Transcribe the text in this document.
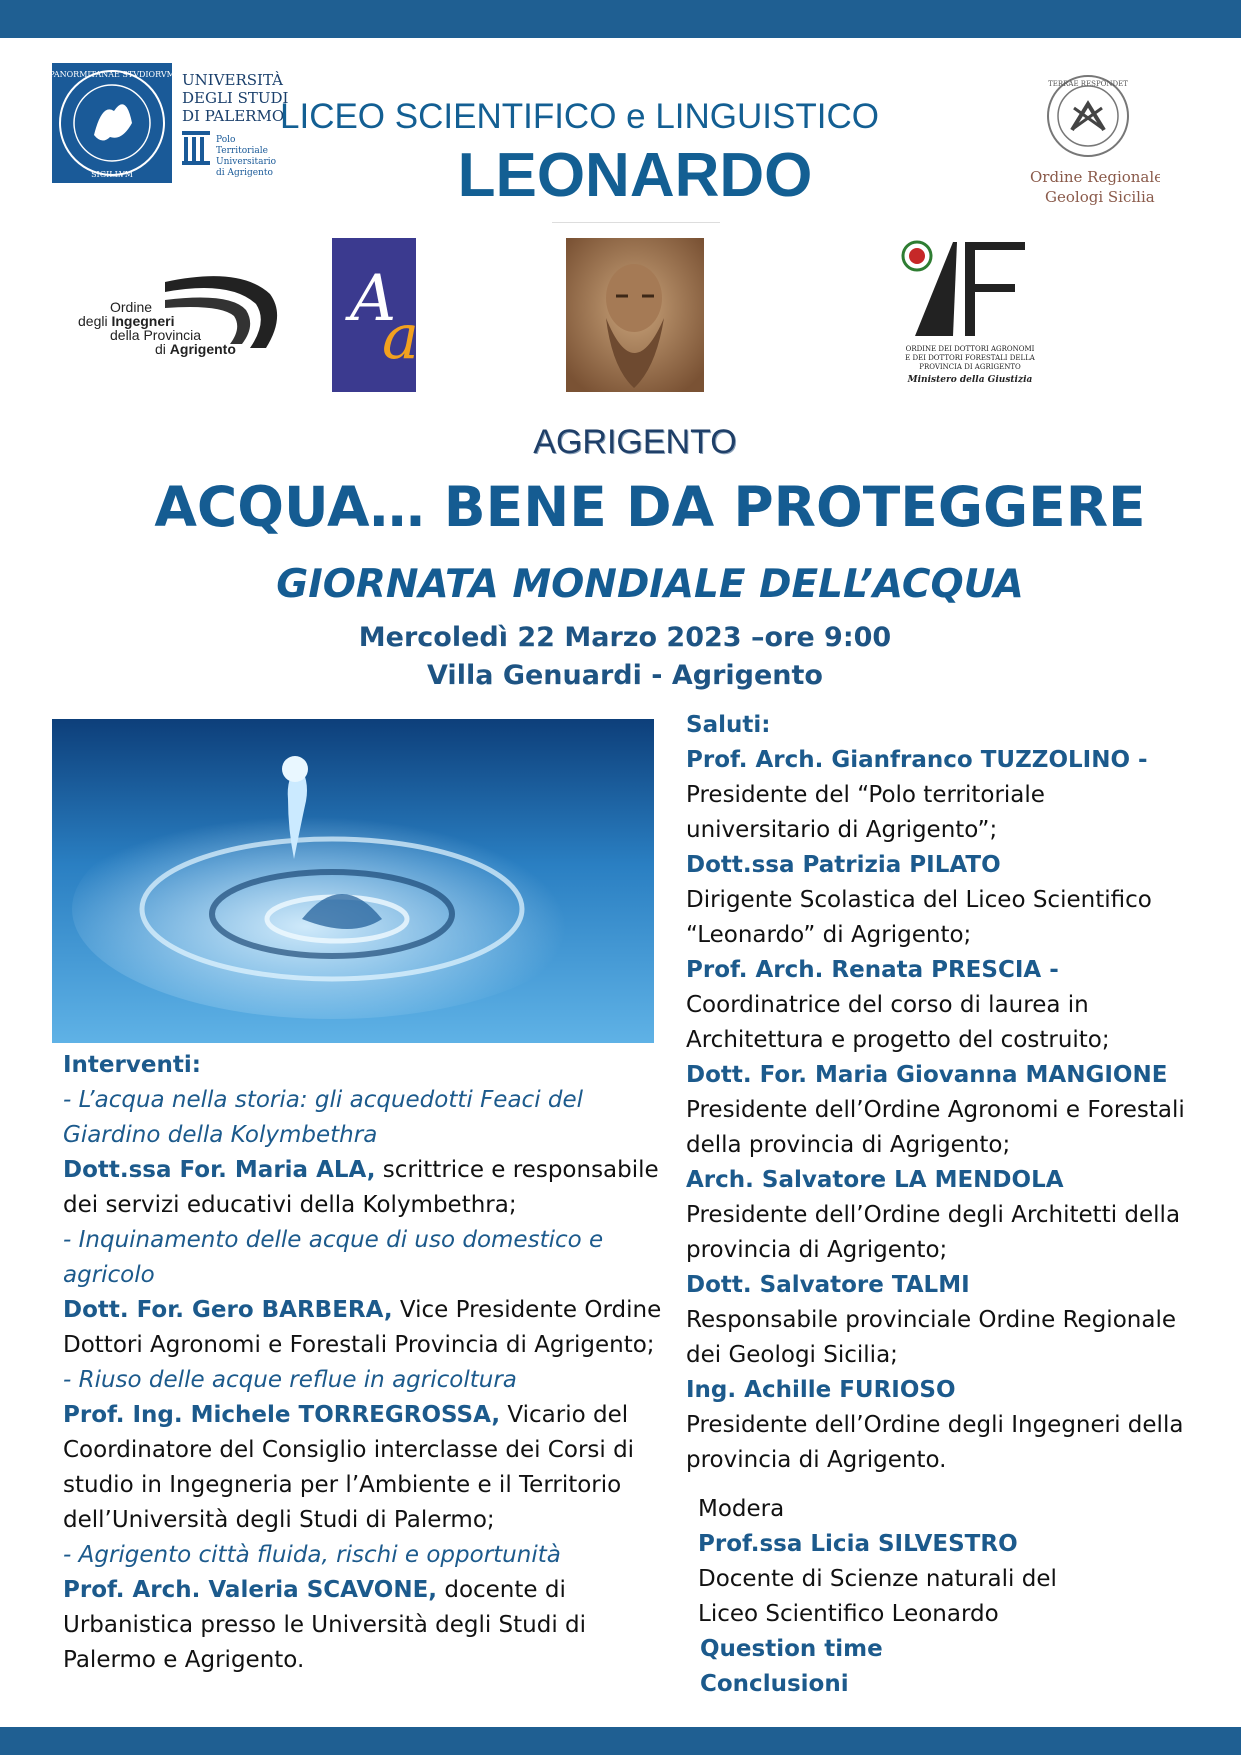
PANORMITANAE STVDIORVM
SIGILLVM
UNIVERSITÀ
DEGLI STUDI
DI PALERMO
Polo
Territoriale
Universitario
di Agrigento
LICEO SCIENTIFICO e LINGUISTICO
LEONARDO
TERRAE RESPONDET
Ordine Regionale
Geologi Sicilia
Ordine
degli Ingegneri
della Provincia
di Agrigento
A
a	ORDINE DEI DOTTORI AGRONOMI
E DEI DOTTORI FORESTALI DELLA
PROVINCIA DI AGRIGENTO
Ministero della Giustizia
AGRIGENTO
ACQUA… BENE DA PROTEGGERE
GIORNATA MONDIALE DELL’ACQUA
Mercoledì 22 Marzo 2023 –ore 9:00
Villa Genuardi - Agrigento
Interventi:
- L’acqua nella storia: gli acquedotti Feaci del Giardino della Kolymbethra
Dott.ssa For. Maria ALA, scrittrice e responsabile dei servizi educativi della Kolymbethra;
- Inquinamento delle acque di uso domestico e agricolo
Dott. For. Gero BARBERA, Vice Presidente Ordine Dottori Agronomi e Forestali Provincia di Agrigento;
- Riuso delle acque reflue in agricoltura
Prof. Ing. Michele TORREGROSSA, Vicario del Coordinatore del Consiglio interclasse dei Corsi di studio in Ingegneria per l’Ambiente e il Territorio dell’Università degli Studi di Palermo;
- Agrigento città fluida, rischi e opportunità
Prof. Arch. Valeria SCAVONE, docente di Urbanistica presso le Università degli Studi di Palermo e Agrigento.
Saluti:
Prof. Arch. Gianfranco TUZZOLINO -
Presidente del “Polo territoriale universitario di Agrigento”;
Dott.ssa Patrizia PILATO
Dirigente Scolastica del Liceo Scientifico “Leonardo” di Agrigento;
Prof. Arch. Renata PRESCIA -
Coordinatrice del corso di laurea in Architettura e progetto del costruito;
Dott. For. Maria Giovanna MANGIONE
Presidente dell’Ordine Agronomi e Forestali della provincia di Agrigento;
Arch. Salvatore LA MENDOLA
Presidente dell’Ordine degli Architetti della provincia di Agrigento;
Dott. Salvatore TALMI
Responsabile provinciale Ordine Regionale dei Geologi Sicilia;
Ing. Achille FURIOSO
Presidente dell’Ordine degli Ingegneri della provincia di Agrigento.
Modera
Prof.ssa Licia SILVESTRO
Docente di Scienze naturali del Liceo Scientifico Leonardo
Question time
Conclusioni
